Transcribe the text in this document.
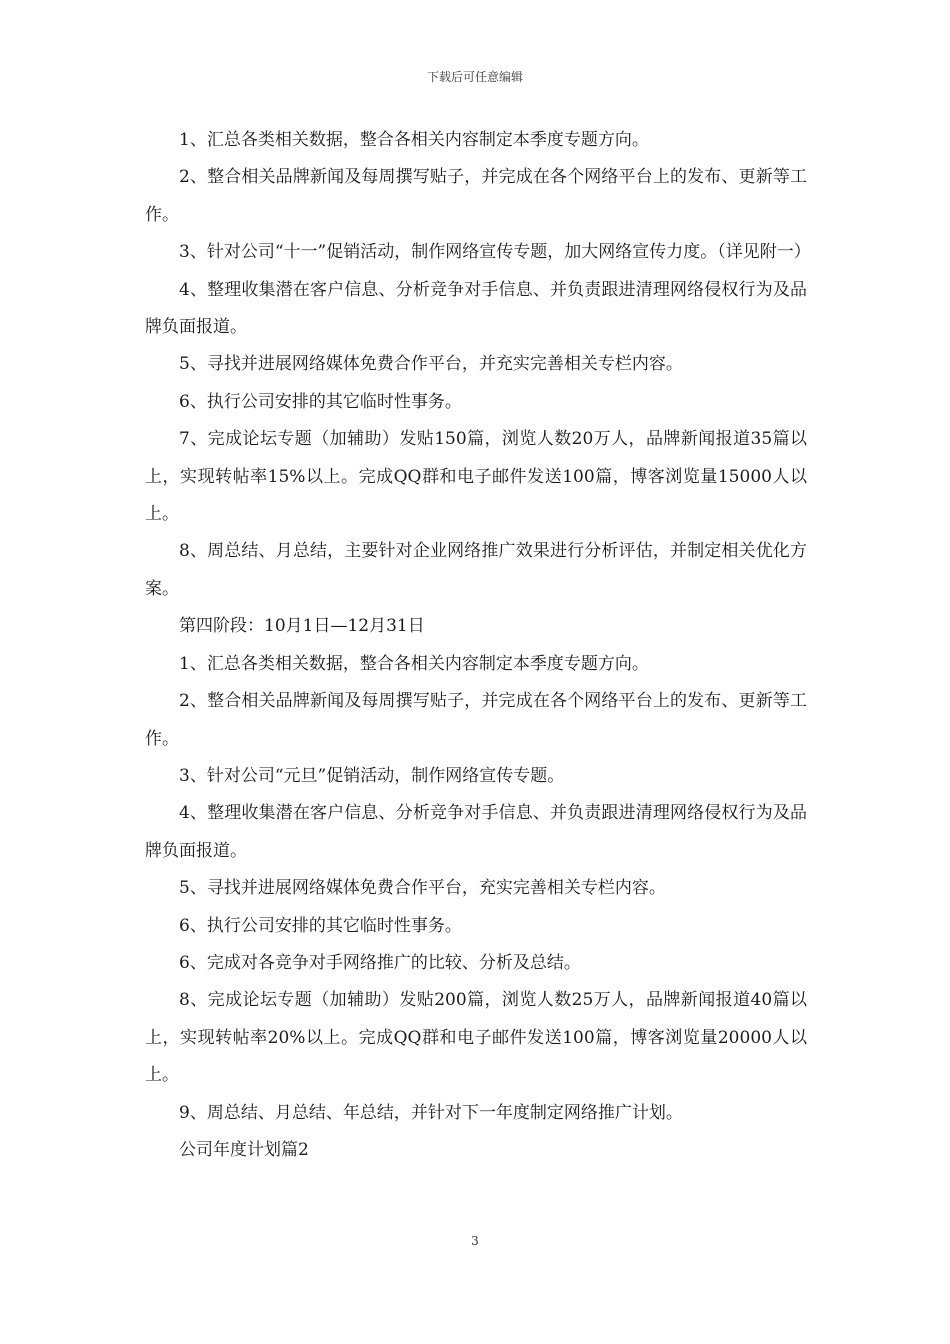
下载后可任意编辑

1、汇总各类相关数据，整合各相关内容制定本季度专题方向。

2、整合相关品牌新闻及每周撰写贴子，并完成在各个网络平台上的发布、更新等工作。

3、针对公司“十一”促销活动，制作网络宣传专题，加大网络宣传力度。（详见附一）

4、整理收集潜在客户信息、分析竞争对手信息、并负责跟进清理网络侵权行为及品牌负面报道。

5、寻找并进展网络媒体免费合作平台，并充实完善相关专栏内容。

6、执行公司安排的其它临时性事务。

7、完成论坛专题（加辅助）发贴150篇，浏览人数20万人，品牌新闻报道35篇以上，实现转帖率15%以上。完成QQ群和电子邮件发送100篇，博客浏览量15000人以上。

8、周总结、月总结，主要针对企业网络推广效果进行分析评估，并制定相关优化方案。

第四阶段：10月1日—12月31日

1、汇总各类相关数据，整合各相关内容制定本季度专题方向。

2、整合相关品牌新闻及每周撰写贴子，并完成在各个网络平台上的发布、更新等工作。

3、针对公司“元旦”促销活动，制作网络宣传专题。

4、整理收集潜在客户信息、分析竞争对手信息、并负责跟进清理网络侵权行为及品牌负面报道。

5、寻找并进展网络媒体免费合作平台，充实完善相关专栏内容。

6、执行公司安排的其它临时性事务。

6、完成对各竞争对手网络推广的比较、分析及总结。

8、完成论坛专题（加辅助）发贴200篇，浏览人数25万人，品牌新闻报道40篇以上，实现转帖率20%以上。完成QQ群和电子邮件发送100篇，博客浏览量20000人以上。

9、周总结、月总结、年总结，并针对下一年度制定网络推广计划。

公司年度计划篇2

3
